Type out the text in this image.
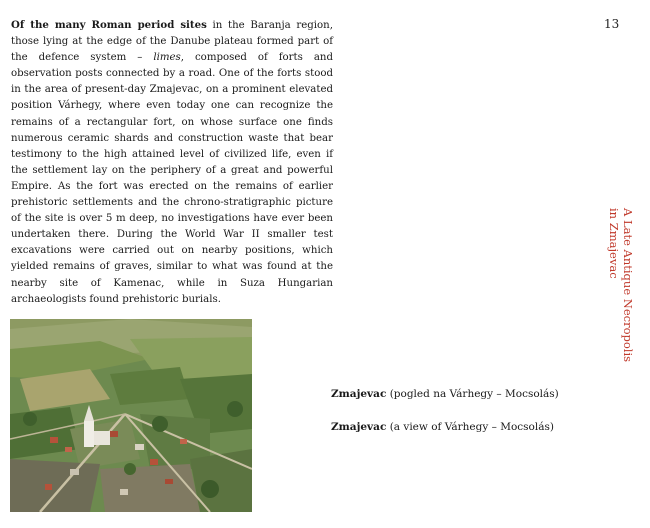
13

Of the many Roman period sites in the Baranja region, those lying at the edge of the Danube plateau formed part of the defence system – limes, composed of forts and observation posts connected by a road. One of the forts stood in the area of present-day Zmajevac, on a prominent elevated position Várhegy, where even today one can recognize the remains of a rectangular fort, on whose surface one finds numerous ceramic shards and construction waste that bear testimony to the high attained level of civilized life, even if the settlement lay on the periphery of a great and powerful Empire. As the fort was erected on the remains of earlier prehistoric settlements and the chrono-stratigraphic picture of the site is over 5 m deep, no investigations have ever been undertaken there. During the World War II smaller test excavations were carried out on nearby positions, which yielded remains of graves, similar to what was found at the nearby site of Kamenac, while in Suza Hungarian archaeologists found prehistoric burials.	A Late Antique Necropolis
in Zmajevac
Zmajevac (pogled na Várhegy – Mocsolás)
Zmajevac (a view of Várhegy – Mocsolás)
